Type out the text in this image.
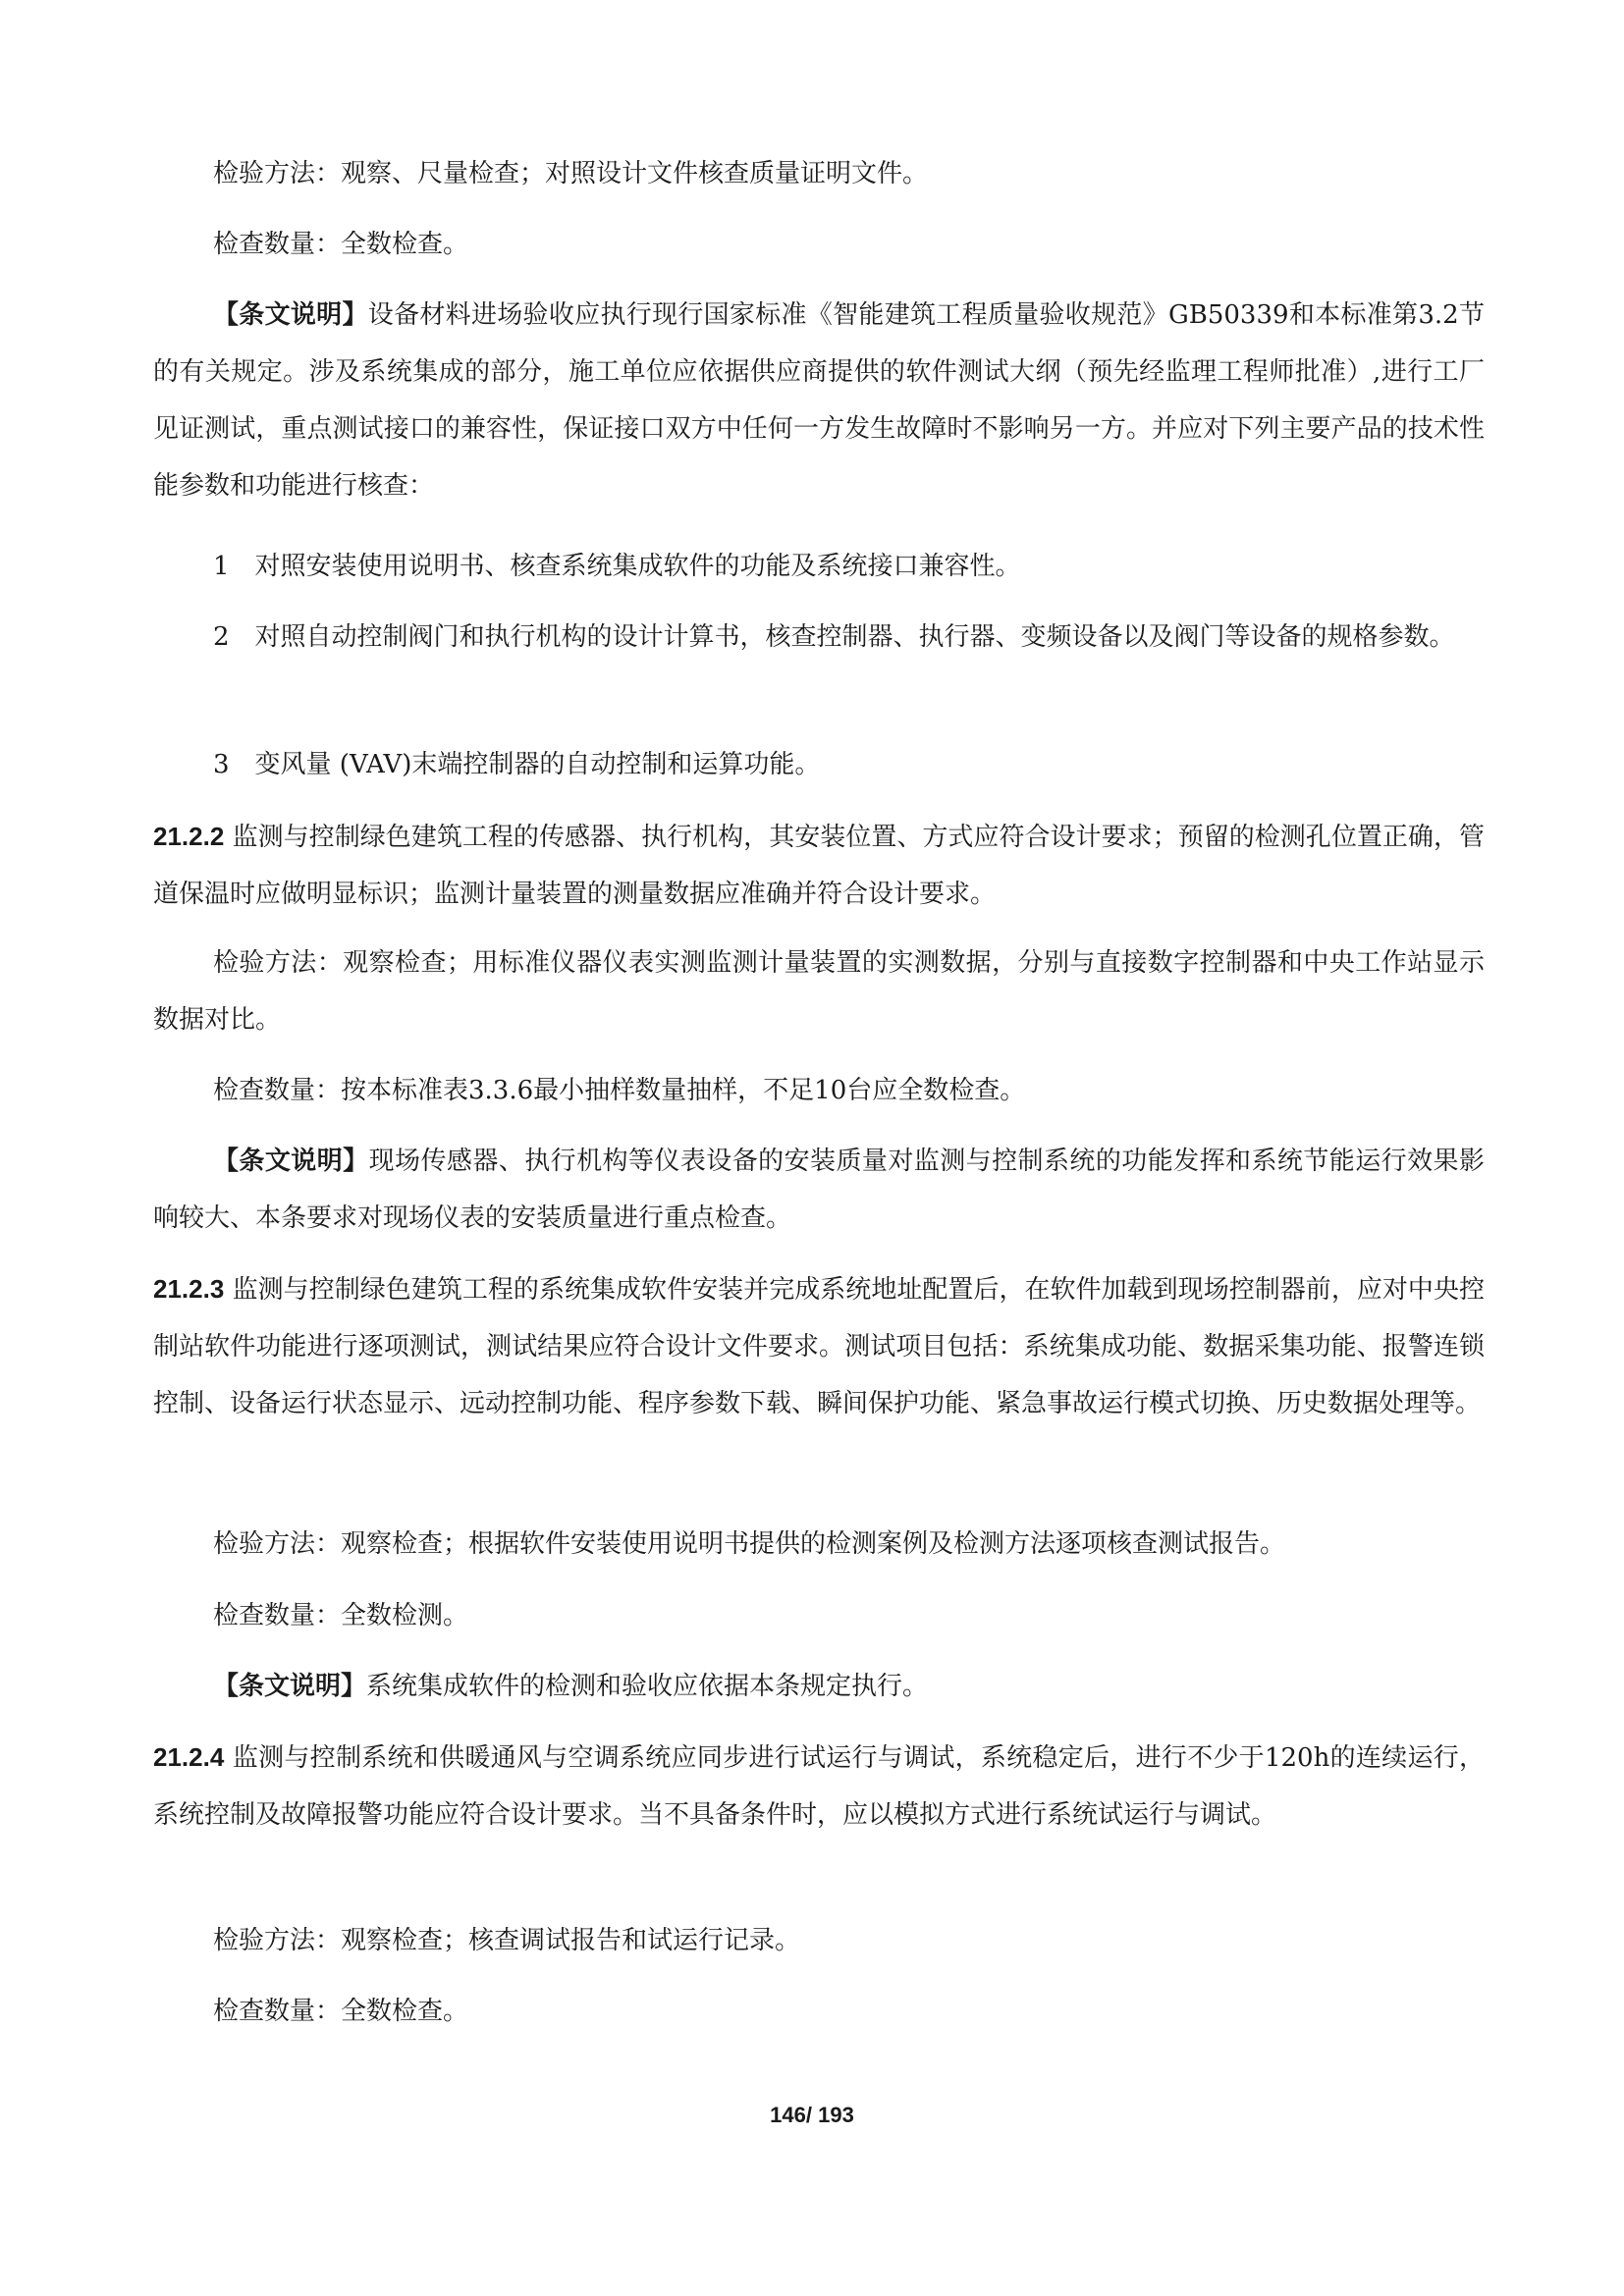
检验方法：观察、尺量检查；对照设计文件核查质量证明文件。

检查数量：全数检查。

【条文说明】设备材料进场验收应执行现行国家标准《智能建筑工程质量验收规范》GB50339和本标准第3.2节的有关规定。涉及系统集成的部分，施工单位应依据供应商提供的软件测试大纲（预先经监理工程师批准）,进行工厂见证测试，重点测试接口的兼容性，保证接口双方中任何一方发生故障时不影响另一方。并应对下列主要产品的技术性能参数和功能进行核查：

1　对照安装使用说明书、核查系统集成软件的功能及系统接口兼容性。

2　对照自动控制阀门和执行机构的设计计算书，核查控制器、执行器、变频设备以及阀门等设备的规格参数。

3　变风量 (VAV)末端控制器的自动控制和运算功能。

21.2.2 监测与控制绿色建筑工程的传感器、执行机构，其安装位置、方式应符合设计要求；预留的检测孔位置正确，管道保温时应做明显标识；监测计量装置的测量数据应准确并符合设计要求。

检验方法：观察检查；用标准仪器仪表实测监测计量装置的实测数据，分别与直接数字控制器和中央工作站显示数据对比。

检查数量：按本标准表3.3.6最小抽样数量抽样，不足10台应全数检查。

【条文说明】现场传感器、执行机构等仪表设备的安装质量对监测与控制系统的功能发挥和系统节能运行效果影响较大、本条要求对现场仪表的安装质量进行重点检查。

21.2.3 监测与控制绿色建筑工程的系统集成软件安装并完成系统地址配置后，在软件加载到现场控制器前，应对中央控制站软件功能进行逐项测试，测试结果应符合设计文件要求。测试项目包括：系统集成功能、数据采集功能、报警连锁控制、设备运行状态显示、远动控制功能、程序参数下载、瞬间保护功能、紧急事故运行模式切换、历史数据处理等。

检验方法：观察检查；根据软件安装使用说明书提供的检测案例及检测方法逐项核查测试报告。

检查数量：全数检测。

【条文说明】系统集成软件的检测和验收应依据本条规定执行。

21.2.4 监测与控制系统和供暖通风与空调系统应同步进行试运行与调试，系统稳定后，进行不少于120h的连续运行，系统控制及故障报警功能应符合设计要求。当不具备条件时，应以模拟方式进行系统试运行与调试。

检验方法：观察检查；核查调试报告和试运行记录。

检查数量：全数检查。

146/ 193
